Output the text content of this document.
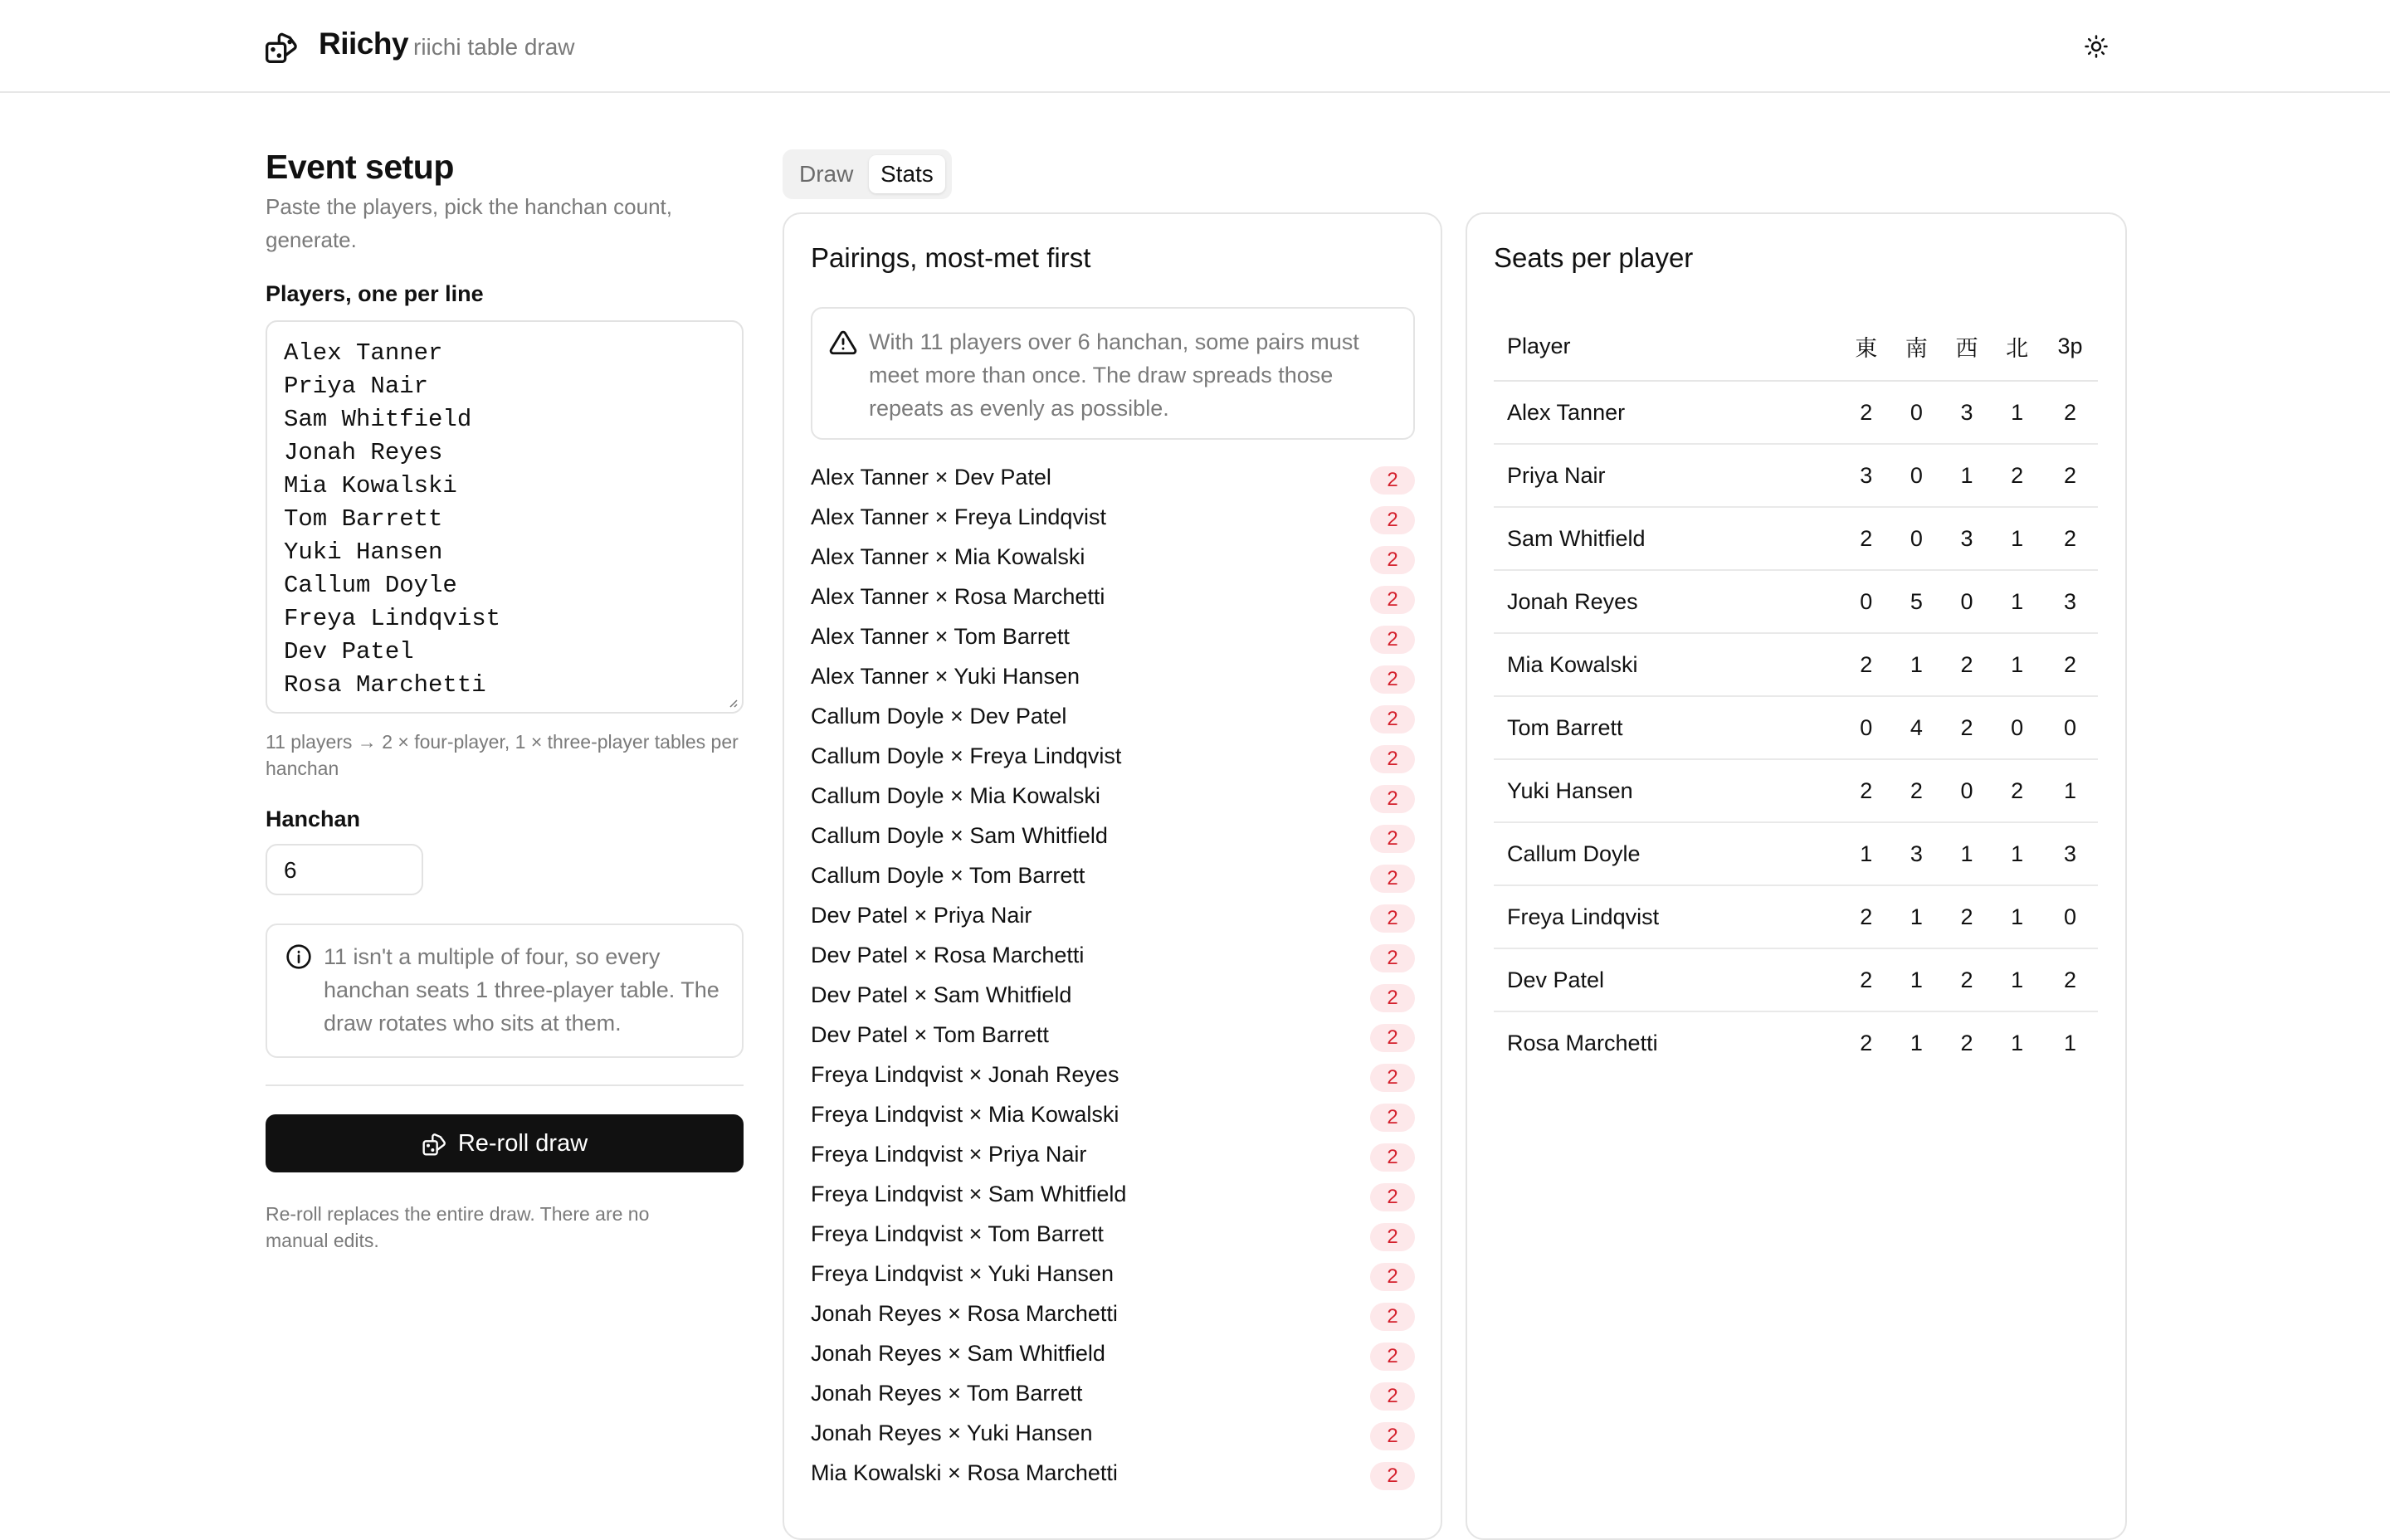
Riichy riichi table draw
Event setup
Paste the players, pick the hanchan count, generate.
Players, one per line
Alex Tanner
Priya Nair
Sam Whitfield
Jonah Reyes
Mia Kowalski
Tom Barrett
Yuki Hansen
Callum Doyle
Freya Lindqvist
Dev Patel
Rosa Marchetti
11 players → 2 × four-player, 1 × three-player tables per hanchan
Hanchan
6
11 isn't a multiple of four, so every hanchan seats 1 three-player table. The draw rotates who sits at them.
Re-roll draw
Re-roll replaces the entire draw. There are no manual edits.
Draw	Stats
Pairings, most-met first
With 11 players over 6 hanchan, some pairs must meet more than once. The draw spreads those repeats as evenly as possible.
Alex Tanner × Dev Patel	2
Alex Tanner × Freya Lindqvist	2
Alex Tanner × Mia Kowalski	2
Alex Tanner × Rosa Marchetti	2
Alex Tanner × Tom Barrett	2
Alex Tanner × Yuki Hansen	2
Callum Doyle × Dev Patel	2
Callum Doyle × Freya Lindqvist	2
Callum Doyle × Mia Kowalski	2
Callum Doyle × Sam Whitfield	2
Callum Doyle × Tom Barrett	2
Dev Patel × Priya Nair	2
Dev Patel × Rosa Marchetti	2
Dev Patel × Sam Whitfield	2
Dev Patel × Tom Barrett	2
Freya Lindqvist × Jonah Reyes	2
Freya Lindqvist × Mia Kowalski	2
Freya Lindqvist × Priya Nair	2
Freya Lindqvist × Sam Whitfield	2
Freya Lindqvist × Tom Barrett	2
Freya Lindqvist × Yuki Hansen	2
Jonah Reyes × Rosa Marchetti	2
Jonah Reyes × Sam Whitfield	2
Jonah Reyes × Tom Barrett	2
Jonah Reyes × Yuki Hansen	2
Mia Kowalski × Rosa Marchetti	2
Seats per player
Player	東	南	西	北	3p
Alex Tanner	2	0	3	1	2
Priya Nair	3	0	1	2	2
Sam Whitfield	2	0	3	1	2
Jonah Reyes	0	5	0	1	3
Mia Kowalski	2	1	2	1	2
Tom Barrett	0	4	2	0	0
Yuki Hansen	2	2	0	2	1
Callum Doyle	1	3	1	1	3
Freya Lindqvist	2	1	2	1	0
Dev Patel	2	1	2	1	2
Rosa Marchetti	2	1	2	1	1
